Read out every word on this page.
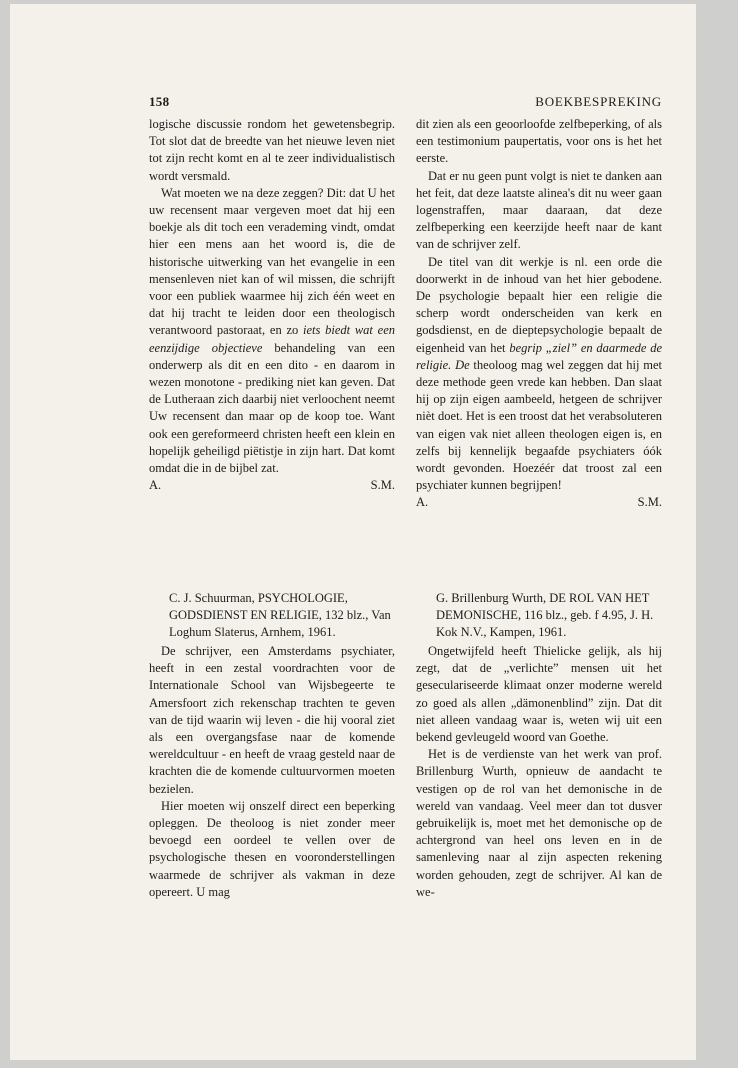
158	BOEKBESPREKING

logische discussie rondom het gewetensbegrip. Tot slot dat de breedte van het nieuwe leven niet tot zijn recht komt en al te zeer individualistisch wordt versmald.

Wat moeten we na deze zeggen? Dit: dat U het uw recensent maar vergeven moet dat hij een boekje als dit toch een verademing vindt, omdat hier een mens aan het woord is, die de historische uitwerking van het evangelie in een mensenleven niet kan of wil missen, die schrijft voor een publiek waarmee hij zich één weet en dat hij tracht te leiden door een theologisch verantwoord pastoraat, en zo iets biedt wat een eenzijdige objectieve behandeling van een onderwerp als dit en een dito - en daarom in wezen monotone - prediking niet kan geven. Dat de Lutheraan zich daarbij niet verloochent neemt Uw recensent dan maar op de koop toe. Want ook een gereformeerd christen heeft een klein en hopelijk geheiligd piëtistje in zijn hart. Dat komt omdat die in de bijbel zat.

A.	S.M.

dit zien als een geoorloofde zelfbeperking, of als een testimonium paupertatis, voor ons is het het eerste.

Dat er nu geen punt volgt is niet te danken aan het feit, dat deze laatste alinea's dit nu weer gaan logenstraffen, maar daaraan, dat deze zelfbeperking een keerzijde heeft naar de kant van de schrijver zelf.

De titel van dit werkje is nl. een orde die doorwerkt in de inhoud van het hier gebodene. De psychologie bepaalt hier een religie die scherp wordt onderscheiden van kerk en godsdienst, en de dieptepsychologie bepaalt de eigenheid van het begrip „ziel” en daarmede de religie. De theoloog mag wel zeggen dat hij met deze methode geen vrede kan hebben. Dan slaat hij op zijn eigen aambeeld, hetgeen de schrijver nièt doet. Het is een troost dat het verabsoluteren van eigen vak niet alleen theologen eigen is, en zelfs bij kennelijk begaafde psychiaters óók wordt gevonden. Hoezéér dat troost zal een psychiater kunnen begrijpen!

A.	S.M.

C. J. Schuurman, PSYCHOLOGIE, GODSDIENST EN RELIGIE, 132 blz., Van Loghum Slaterus, Arnhem, 1961.

De schrijver, een Amsterdams psychiater, heeft in een zestal voordrachten voor de Internationale School van Wijsbegeerte te Amersfoort zich rekenschap trachten te geven van de tijd waarin wij leven - die hij vooral ziet als een overgangsfase naar de komende wereldcultuur - en heeft de vraag gesteld naar de krachten die de komende cultuurvormen moeten bezielen.

Hier moeten wij onszelf direct een beperking opleggen. De theoloog is niet zonder meer bevoegd een oordeel te vellen over de psychologische thesen en vooronderstellingen waarmede de schrijver als vakman in deze opereert. U mag

G. Brillenburg Wurth, DE ROL VAN HET DEMONISCHE, 116 blz., geb. f 4.95, J. H. Kok N.V., Kampen, 1961.

Ongetwijfeld heeft Thielicke gelijk, als hij zegt, dat de „verlichte” mensen uit het geseculariseerde klimaat onzer moderne wereld zo goed als allen „dämonenblind” zijn. Dat dit niet alleen vandaag waar is, weten wij uit een bekend gevleugeld woord van Goethe.

Het is de verdienste van het werk van prof. Brillenburg Wurth, opnieuw de aandacht te vestigen op de rol van het demonische in de wereld van vandaag. Veel meer dan tot dusver gebruikelijk is, moet met het demonische op de achtergrond van heel ons leven en in de samenleving naar al zijn aspecten rekening worden gehouden, zegt de schrijver. Al kan de we-
